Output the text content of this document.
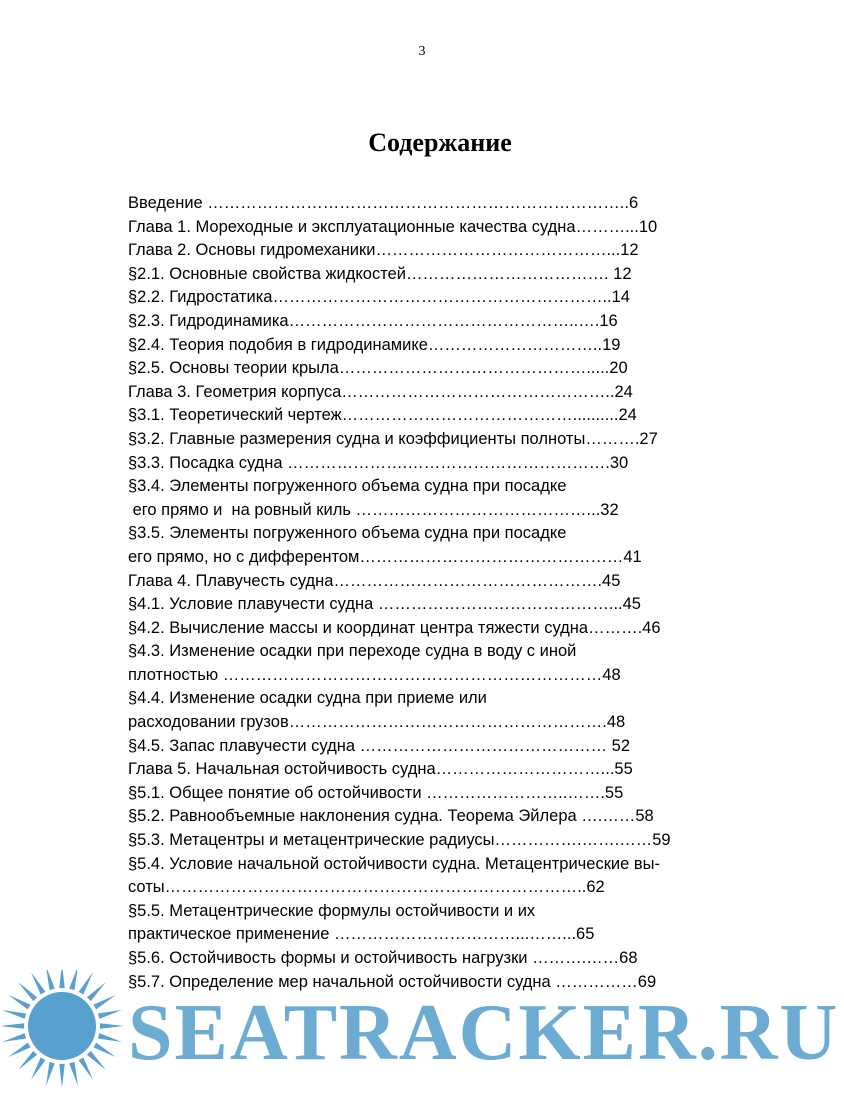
3
Содержание
Введение …………………………………………………………………..6
Глава 1. Мореходные и эксплуатационные качества судна………...10
Глава 2. Основы гидромеханики……………………………………...12
§2.1. Основные свойства жидкостей………………………………. 12
§2.2. Гидростатика……………………………………………………..14
§2.3. Гидродинамика……………………………………………..….16
§2.4. Теория подобия в гидродинамике…………………………..19
§2.5. Основы теории крыла……………………………………….....20
Глава 3. Геометрия корпуса…………………………………………..24
§3.1. Теоретический чертеж……………………………………..........24
§3.2. Главные размерения судна и коэффициенты полноты……….27
§3.3. Посадка судна ………………….……………………………….30
§3.4. Элементы погруженного объема судна при посадке
его прямо и  на ровный киль ……………………………………...32
§3.5. Элементы погруженного объема судна при посадке
его прямо, но с дифферентом…………………………………………41
Глава 4. Плавучесть судна………………………………………….45
§4.1. Условие плавучести судна ……………………………………...45
§4.2. Вычисление массы и координат центра тяжести судна……….46
§4.3. Изменение осадки при переходе судна в воду с иной
плотностью ……………………………………………………………48
§4.4. Изменение осадки судна при приеме или
расходовании грузов………………………………………………….48
§4.5. Запас плавучести судна ……………………………………… 52
Глава 5. Начальная остойчивость судна…………………………...55
§5.1. Общее понятие об остойчивости ……………………..…….55
§5.2. Равнообъемные наклонения судна. Теорема Эйлера ….……58
§5.3. Метацентры и метацентрические радиусы…………….…….……59
§5.4. Условие начальной остойчивости судна. Метацентрические вы-
соты…………………………………………………………………..62
§5.5. Метацентрические формулы остойчивости и их
практическое применение ……………………………...……...65
§5.6. Остойчивость формы и остойчивость нагрузки ……….……68
§5.7. Определение мер начальной остойчивости судна ……………69
SEATRACKER.RU
